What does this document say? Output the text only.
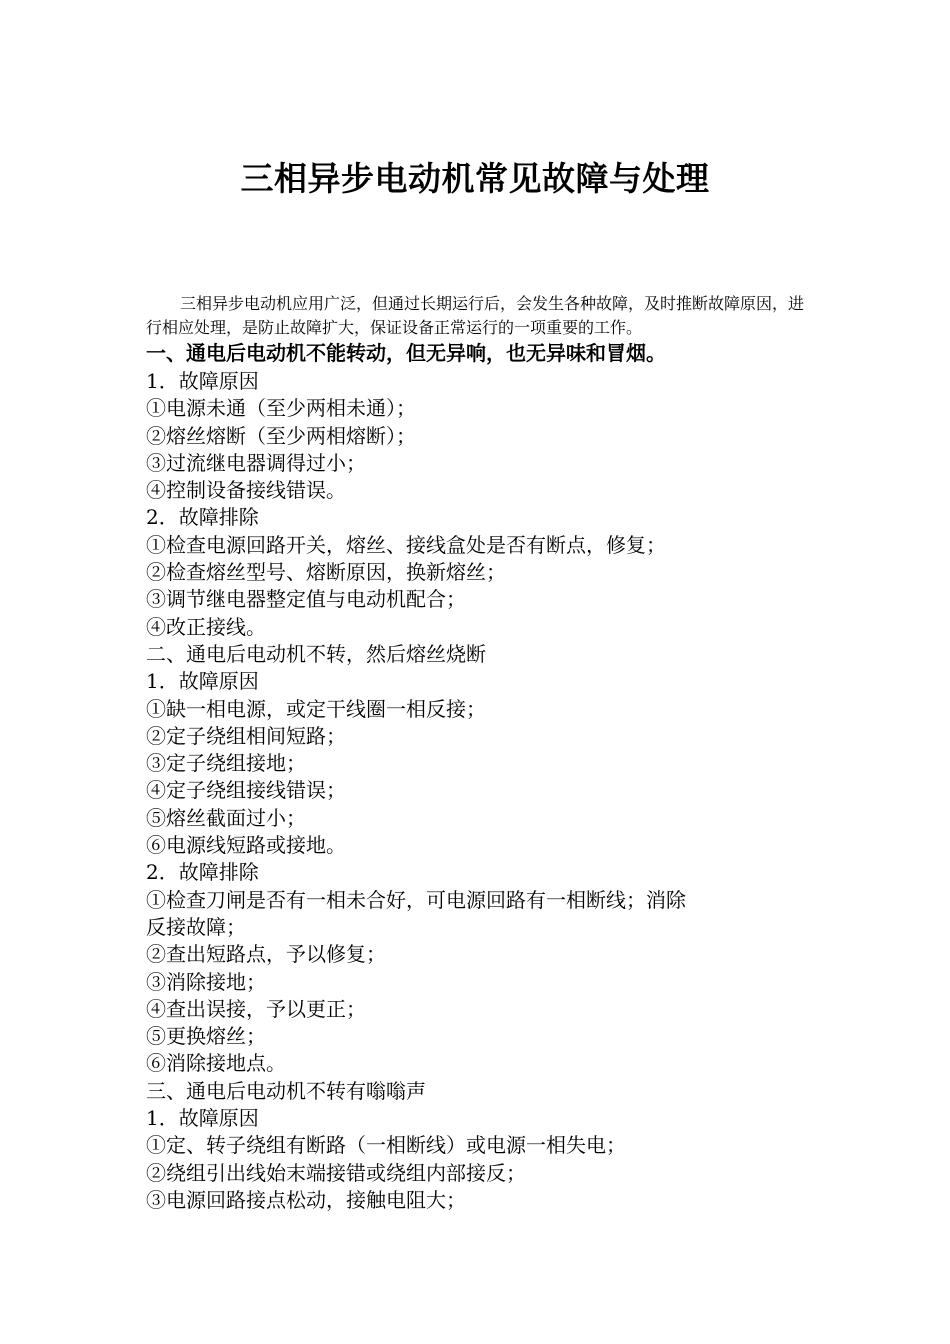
三相异步电动机常见故障与处理
三相异步电动机应用广泛，但通过长期运行后，会发生各种故障，及时推断故障原因，进行相应处理，是防止故障扩大，保证设备正常运行的一项重要的工作。
一、通电后电动机不能转动，但无异响，也无异味和冒烟。
1．故障原因
①电源未通（至少两相未通）；
②熔丝熔断（至少两相熔断）；
③过流继电器调得过小；
④控制设备接线错误。
2．故障排除
①检查电源回路开关，熔丝、接线盒处是否有断点，修复；
②检查熔丝型号、熔断原因，换新熔丝；
③调节继电器整定值与电动机配合；
④改正接线。
二、通电后电动机不转，然后熔丝烧断
1．故障原因
①缺一相电源，或定干线圈一相反接；
②定子绕组相间短路；
③定子绕组接地；
④定子绕组接线错误；
⑤熔丝截面过小；
⑥电源线短路或接地。
2．故障排除
①检查刀闸是否有一相未合好，可电源回路有一相断线；消除
反接故障；
②查出短路点，予以修复；
③消除接地；
④查出误接，予以更正；
⑤更换熔丝；
⑥消除接地点。
三、通电后电动机不转有嗡嗡声
1．故障原因
①定、转子绕组有断路（一相断线）或电源一相失电；
②绕组引出线始末端接错或绕组内部接反；
③电源回路接点松动，接触电阻大；
